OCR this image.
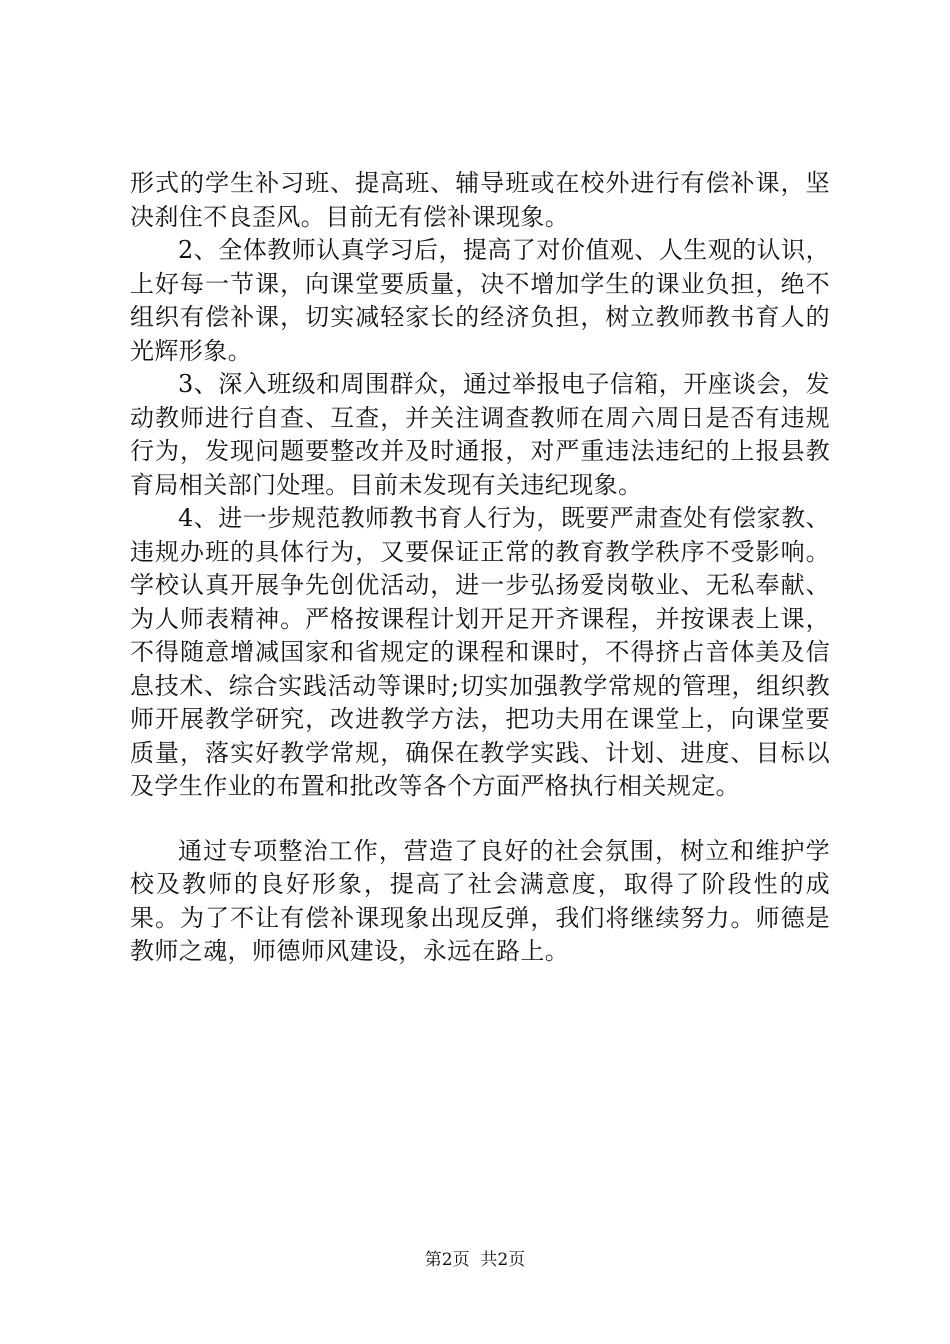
形式的学生补习班、提高班、辅导班或在校外进行有偿补课，坚决刹住不良歪风。目前无有偿补课现象。

2、全体教师认真学习后，提高了对价值观、人生观的认识，上好每一节课，向课堂要质量，决不增加学生的课业负担，绝不组织有偿补课，切实减轻家长的经济负担，树立教师教书育人的光辉形象。

3、深入班级和周围群众，通过举报电子信箱，开座谈会，发动教师进行自查、互查，并关注调查教师在周六周日是否有违规行为，发现问题要整改并及时通报，对严重违法违纪的上报县教育局相关部门处理。目前未发现有关违纪现象。

4、进一步规范教师教书育人行为，既要严肃查处有偿家教、违规办班的具体行为，又要保证正常的教育教学秩序不受影响。学校认真开展争先创优活动，进一步弘扬爱岗敬业、无私奉献、为人师表精神。严格按课程计划开足开齐课程，并按课表上课，不得随意增减国家和省规定的课程和课时，不得挤占音体美及信息技术、综合实践活动等课时;切实加强教学常规的管理，组织教师开展教学研究，改进教学方法，把功夫用在课堂上，向课堂要质量，落实好教学常规，确保在教学实践、计划、进度、目标以及学生作业的布置和批改等各个方面严格执行相关规定。

通过专项整治工作，营造了良好的社会氛围，树立和维护学校及教师的良好形象，提高了社会满意度，取得了阶段性的成果。为了不让有偿补课现象出现反弹，我们将继续努力。师德是教师之魂，师德师风建设，永远在路上。

第2页  共2页
